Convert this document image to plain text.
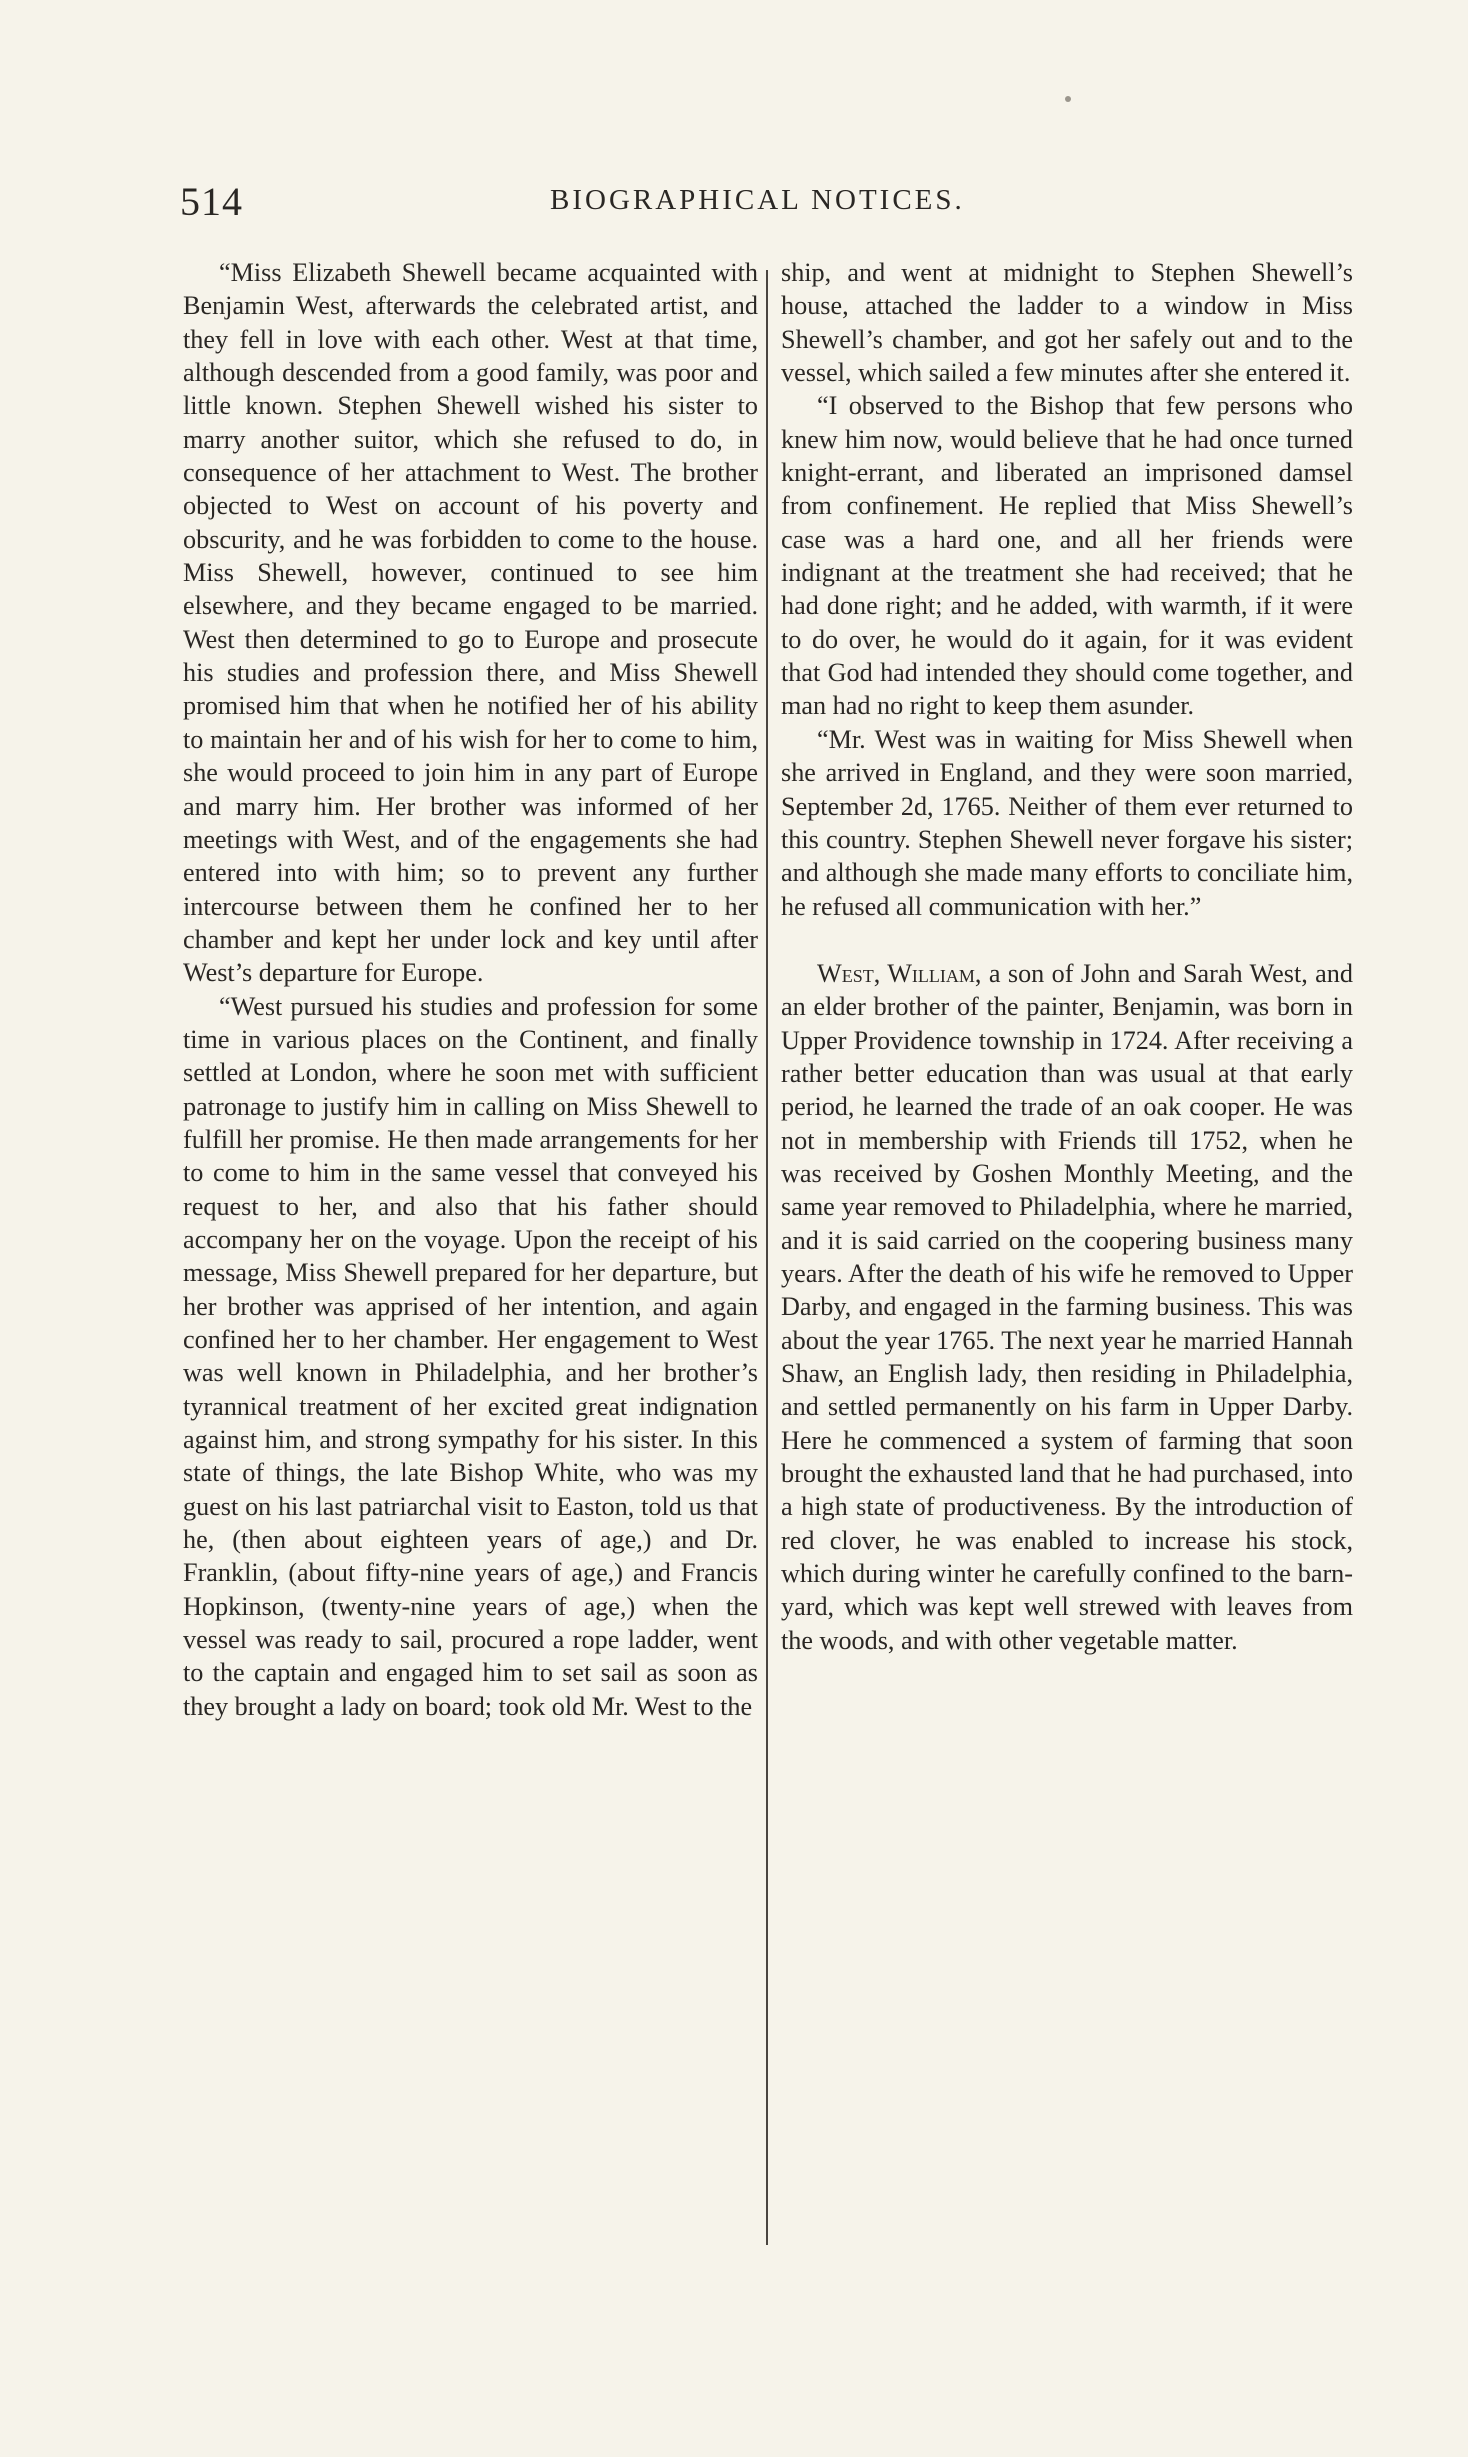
514	BIOGRAPHICAL NOTICES.

“Miss Elizabeth Shewell became acquainted with Benjamin West, afterwards the celebrated artist, and they fell in love with each other. West at that time, although descended from a good family, was poor and little known. Stephen Shewell wished his sister to marry another suitor, which she refused to do, in consequence of her attachment to West. The brother objected to West on account of his poverty and obscurity, and he was forbidden to come to the house. Miss Shewell, however, continued to see him elsewhere, and they became engaged to be married. West then determined to go to Europe and prosecute his studies and profession there, and Miss Shewell promised him that when he notified her of his ability to maintain her and of his wish for her to come to him, she would proceed to join him in any part of Europe and marry him. Her brother was informed of her meetings with West, and of the engagements she had entered into with him; so to prevent any further intercourse between them he confined her to her chamber and kept her under lock and key until after West’s departure for Europe.

“West pursued his studies and profession for some time in various places on the Continent, and finally settled at London, where he soon met with sufficient patronage to justify him in calling on Miss Shewell to fulfill her promise. He then made arrangements for her to come to him in the same vessel that conveyed his request to her, and also that his father should accompany her on the voyage. Upon the receipt of his message, Miss Shewell prepared for her departure, but her brother was apprised of her intention, and again confined her to her chamber. Her engagement to West was well known in Philadelphia, and her brother’s tyrannical treatment of her excited great indignation against him, and strong sympathy for his sister. In this state of things, the late Bishop White, who was my guest on his last patriarchal visit to Easton, told us that he, (then about eighteen years of age,) and Dr. Franklin, (about fifty-nine years of age,) and Francis Hopkinson, (twenty-nine years of age,) when the vessel was ready to sail, procured a rope ladder, went to the captain and engaged him to set sail as soon as they brought a lady on board; took old Mr. West to the

ship, and went at midnight to Stephen Shewell’s house, attached the ladder to a window in Miss Shewell’s chamber, and got her safely out and to the vessel, which sailed a few minutes after she entered it.

“I observed to the Bishop that few persons who knew him now, would believe that he had once turned knight-errant, and liberated an imprisoned damsel from confinement. He replied that Miss Shewell’s case was a hard one, and all her friends were indignant at the treatment she had received; that he had done right; and he added, with warmth, if it were to do over, he would do it again, for it was evident that God had intended they should come together, and man had no right to keep them asunder.

“Mr. West was in waiting for Miss Shewell when she arrived in England, and they were soon married, September 2d, 1765. Neither of them ever returned to this country. Stephen Shewell never forgave his sister; and although she made many efforts to conciliate him, he refused all communication with her.”

West, William, a son of John and Sarah West, and an elder brother of the painter, Benjamin, was born in Upper Providence township in 1724. After receiving a rather better education than was usual at that early period, he learned the trade of an oak cooper. He was not in membership with Friends till 1752, when he was received by Goshen Monthly Meeting, and the same year removed to Philadelphia, where he married, and it is said carried on the coopering business many years. After the death of his wife he removed to Upper Darby, and engaged in the farming business. This was about the year 1765. The next year he married Hannah Shaw, an English lady, then residing in Philadelphia, and settled permanently on his farm in Upper Darby. Here he commenced a system of farming that soon brought the exhausted land that he had purchased, into a high state of productiveness. By the introduction of red clover, he was enabled to increase his stock, which during winter he carefully confined to the barn-yard, which was kept well strewed with leaves from the woods, and with other vegetable matter.
